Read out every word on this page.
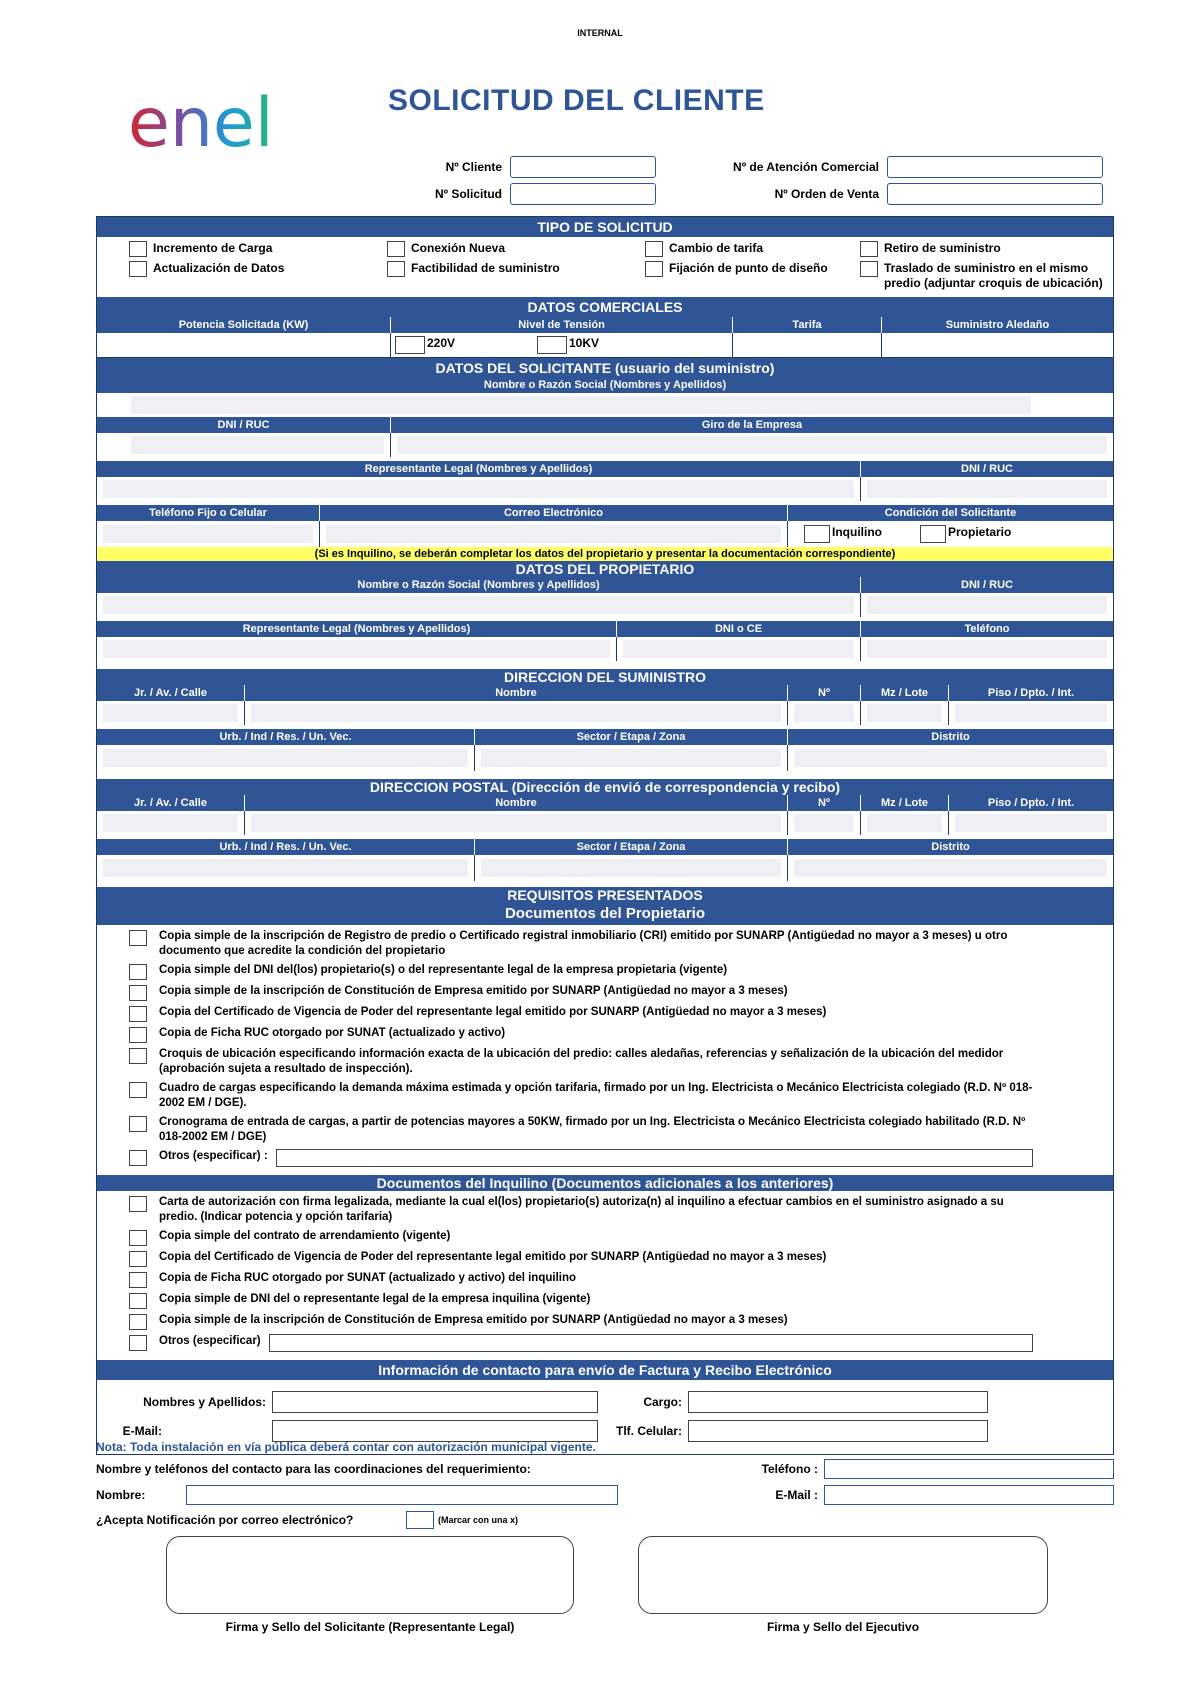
INTERNAL
enel	SOLICITUD DEL CLIENTE
Nº Cliente
Nº Solicitud
Nº de Atención Comercial
Nº Orden de Venta
TIPO DE SOLICITUD
Incremento de Carga	Conexión Nueva	Cambio de tarifa	Retiro de suministro
Actualización de Datos	Factibilidad de suministro	Fijación de punto de diseño	Traslado de suministro en el mismo predio (adjuntar croquis de ubicación)
DATOS COMERCIALES
Potencia Solicitada (KW)	Nivel de Tensión	Tarifa	Suministro Aledaño
220V	10KV
DATOS DEL SOLICITANTE (usuario del suministro)
Nombre o Razón Social (Nombres y Apellidos)
DNI / RUC	Giro de la Empresa
Representante Legal (Nombres y Apellidos)	DNI / RUC
Teléfono Fijo o Celular	Correo Electrónico	Condición del Solicitante
Inquilino	Propietario
(Si es Inquilino, se deberán completar los datos del propietario y presentar la documentación correspondiente)
DATOS DEL PROPIETARIO
Nombre o Razón Social (Nombres y Apellidos)	DNI / RUC
Representante Legal (Nombres y Apellidos)	DNI o CE	Teléfono
DIRECCION DEL SUMINISTRO
Jr. / Av. / Calle	Nombre	Nº	Mz / Lote	Piso / Dpto. / Int.
Urb. / Ind / Res. / Un. Vec.	Sector / Etapa / Zona	Distrito
DIRECCION POSTAL (Dirección de envió de correspondencia y recibo)
Jr. / Av. / Calle	Nombre	Nº	Mz / Lote	Piso / Dpto. / Int.
Urb. / Ind / Res. / Un. Vec.	Sector / Etapa / Zona	Distrito
REQUISITOS PRESENTADOS
Documentos del Propietario
Copia simple de la inscripción de Registro de predio o Certificado registral inmobiliario (CRI) emitido por SUNARP (Antigüedad no mayor a 3 meses) u otro documento que acredite la condición del propietario
Copia simple del DNI del(los) propietario(s) o del representante legal de la empresa propietaria (vigente)
Copia simple de la inscripción de Constitución de Empresa emitido por SUNARP (Antigüedad no mayor a 3 meses)
Copia del Certificado de Vigencia de Poder del representante legal emitido por SUNARP (Antigüedad no mayor a 3 meses)
Copia de Ficha RUC otorgado por SUNAT (actualizado y activo)
Croquis de ubicación especificando información exacta de la ubicación del predio: calles aledañas, referencias y señalización de la ubicación del medidor (aprobación sujeta a resultado de inspección).
Cuadro de cargas especificando la demanda máxima estimada y opción tarifaria, firmado por un Ing. Electricista o Mecánico Electricista colegiado (R.D. Nº 018-2002 EM / DGE).
Cronograma de entrada de cargas, a partir de potencias mayores a 50KW, firmado por un Ing. Electricista o Mecánico Electricista colegiado habilitado (R.D. Nº 018-2002 EM / DGE)
Otros (especificar) :
Documentos del Inquilino (Documentos adicionales a los anteriores)
Carta de autorización con firma legalizada, mediante la cual el(los) propietario(s) autoriza(n) al inquilino a efectuar cambios en el suministro asignado a su predio. (Indicar potencia y opción tarifaria)
Copia simple del contrato de arrendamiento (vigente)
Copia del Certificado de Vigencia de Poder del representante legal emitido por SUNARP (Antigüedad no mayor a 3 meses)
Copia de Ficha RUC otorgado por SUNAT (actualizado y activo) del inquilino
Copia simple de DNI del o representante legal de la empresa inquilina (vigente)
Copia simple de la inscripción de Constitución de Empresa emitido por SUNARP (Antigüedad no mayor a 3 meses)
Otros (especificar)
Información de contacto para envío de Factura y Recibo Electrónico
Nombres y Apellidos:	Cargo:
E-Mail:	Tlf. Celular:
Nota: Toda instalación en vía pública deberá contar con autorización municipal vigente.
Nombre y teléfonos del contacto para las coordinaciones del requerimiento:	Teléfono :
Nombre:	E-Mail :
¿Acepta Notificación por correo electrónico?	(Marcar con una x)
Firma y Sello del Solicitante (Representante Legal)	Firma y Sello del Ejecutivo
